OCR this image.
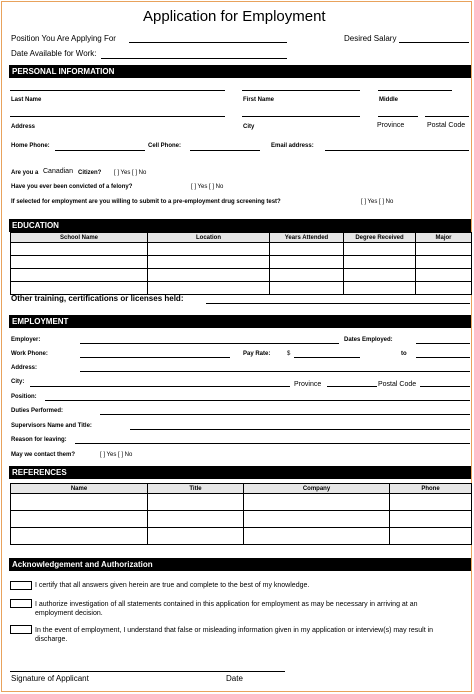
Application for Employment
Position You Are Applying For	Desired Salary
Date Available for Work:
PERSONAL INFORMATION
Last Name	First Name	Middle
Address	City	Province	Postal Code
Home Phone:	Cell Phone:	Email address:
Are you a Canadian Citizen? [ ] Yes [ ] No
Have you ever been convicted of a felony?	[ ] Yes [ ] No
If selected for employment are you willing to submit to a pre-employment drug screening test?	[ ] Yes [ ] No
EDUCATION
School Name	Location	Years Attended	Degree Received	Major

Other training, certifications or licenses held:
EMPLOYMENT
Employer:	Dates Employed:
Work Phone:	Pay Rate:	$	to
Address:
City:	Province	Postal Code
Position:
Duties Performed:
Supervisors Name and Title:
Reason for leaving:
May we contact them?	[ ] Yes [ ] No
REFERENCES
Name	Title	Company	Phone

Acknowledgement and Authorization
I certify that all answers given herein are true and complete to the best of my knowledge.
I authorize investigation of all statements contained in this application for employment as may be necessary in arriving at an employment decision.
In the event of employment, I understand that false or misleading information given in my application or interview(s) may result in discharge.
Signature of Applicant	Date
